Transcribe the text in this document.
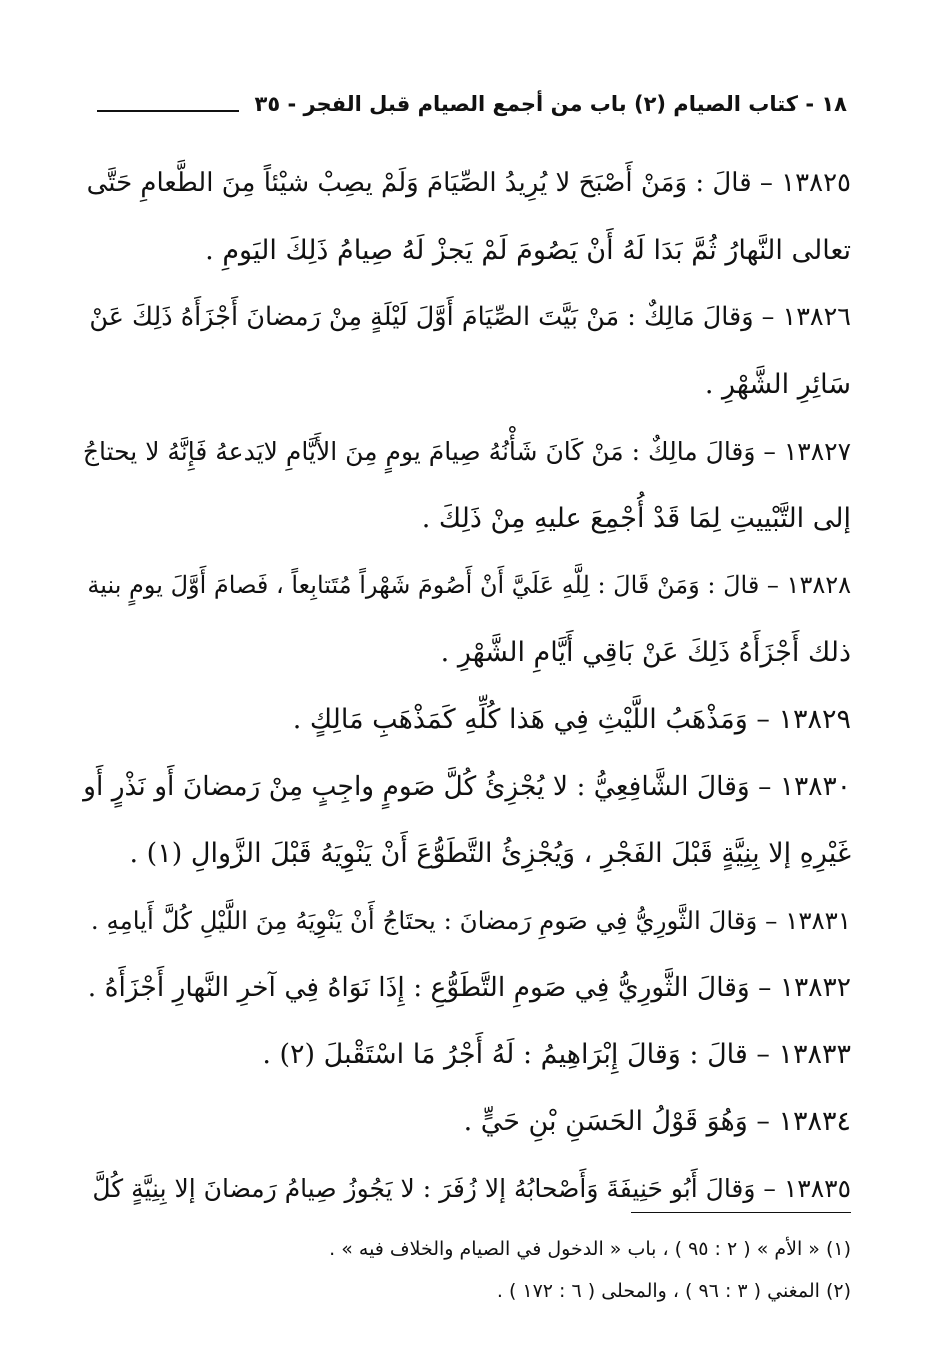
١٨ - كتاب الصيام (٢) باب من أجمع الصيام قبل الفجر - ٣٥
١٣٨٢٥ – قالَ : وَمَنْ أَصْبَحَ لا يُرِيدُ الصِّيَامَ وَلَمْ يصِبْ شيْئاً مِنَ الطَّعامِ حَتَّى
تعالى النَّهارُ ثُمَّ بَدَا لَهُ أَنْ يَصُومَ لَمْ يَجزْ لَهُ صِيامُ ذَلِكَ اليَومِ .
١٣٨٢٦ – وَقالَ مَالِكٌ : مَنْ بَيَّتَ الصِّيَامَ أَوَّلَ لَيْلَةٍ مِنْ رَمضانَ أَجْزَأَهُ ذَلِكَ عَنْ
سَائِرِ الشَّهْرِ .
١٣٨٢٧ – وَقالَ مالِكٌ : مَنْ كَانَ شَأْنُهُ صِيامَ يومٍ مِنَ الأَيَّامِ لايَدعهُ فَإِنَّهُ لا يحتاجُ
إلى التَّبْييتِ لِمَا قَدْ أُجْمِعَ عليهِ مِنْ ذَلِكَ .
١٣٨٢٨ – قالَ : وَمَنْ قَالَ : لِلَّهِ عَلَيَّ أَنْ أَصُومَ شَهْراً مُتَتابِعاً ، فَصامَ أَوَّلَ يومٍ بنية
ذلك أَجْزَأَهُ ذَلِكَ عَنْ بَاقِي أَيَّامِ الشَّهْرِ .
١٣٨٢٩ – وَمَذْهَبُ اللَّيْثِ فِي هَذا كُلِّهِ كَمَذْهَبِ مَالِكٍ .
١٣٨٣٠ – وَقالَ الشَّافِعِيُّ : لا يُجْزِئُ كُلَّ صَومٍ واجِبٍ مِنْ رَمضانَ أَو نَذْرٍ أَو
غَيْرِهِ إلا بِنِيَّةٍ قَبْلَ الفَجْرِ ، وَيُجْزِئُ التَّطَوُّعَ أَنْ يَنْوِيَهُ قَبْلَ الزَّوالِ (١) .
١٣٨٣١ – وَقالَ الثَّورِيُّ فِي صَومِ رَمضانَ : يحتَاجُ أَنْ يَنْوِيَهُ مِنَ اللَّيْلِ كُلَّ أَيامِهِ .
١٣٨٣٢ – وَقالَ الثَّورِيُّ فِي صَومِ التَّطَوُّعِ : إِذَا نَوَاهُ فِي آخرِ النَّهارِ أَجْزَأَهُ .
١٣٨٣٣ – قالَ : وَقالَ إِبْرَاهِيمُ : لَهُ أَجْرُ مَا اسْتَقْبلَ (٢) .
١٣٨٣٤ – وَهُوَ قَوْلُ الحَسَنِ بْنِ حَيٍّ .
١٣٨٣٥ – وَقالَ أَبُو حَنِيفَةَ وَأَصْحابُهُ إلا زُفَرَ : لا يَجُوزُ صِيامُ رَمضانَ إلا بِنِيَّةٍ كُلَّ
(١) « الأم » ( ٢ : ٩٥ ) ، باب « الدخول في الصيام والخلاف فيه » .
(٢) المغني ( ٣ : ٩٦ ) ، والمحلى ( ٦ : ١٧٢ ) .
